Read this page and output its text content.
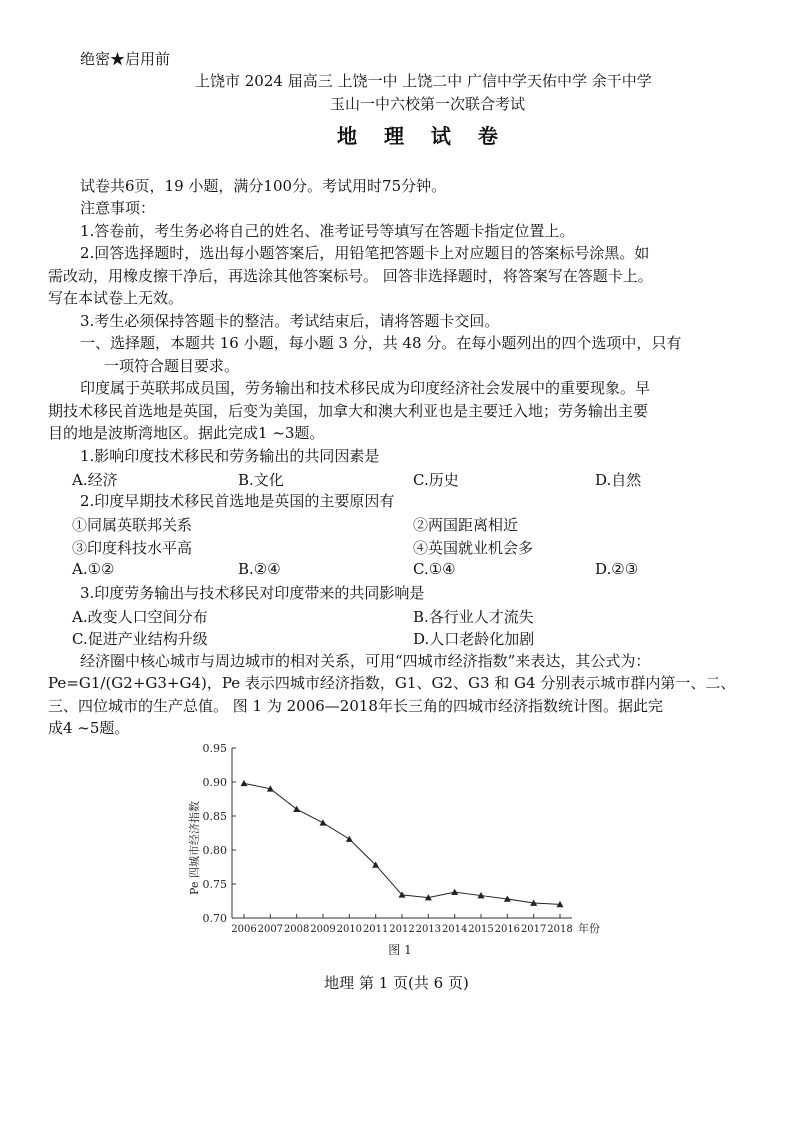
绝密★启用前
上饶市 2024 届高三 上饶一中 上饶二中 广信中学天佑中学 余干中学
玉山一中六校第一次联合考试
地 理 试 卷
试卷共6页，19 小题，满分100分。考试用时75分钟。
注意事项：
1.答卷前，考生务必将自己的姓名、准考证号等填写在答题卡指定位置上。
2.回答选择题时，选出每小题答案后，用铅笔把答题卡上对应题目的答案标号涂黑。如
需改动，用橡皮擦干净后，再选涂其他答案标号。 回答非选择题时，将答案写在答题卡上。
写在本试卷上无效。
3.考生必须保持答题卡的整洁。考试结束后，请将答题卡交回。
一、选择题，本题共 16 小题，每小题 3 分，共 48 分。在每小题列出的四个选项中，只有
一项符合题目要求。
印度属于英联邦成员国，劳务输出和技术移民成为印度经济社会发展中的重要现象。早
期技术移民首选地是英国，后变为美国，加拿大和澳大利亚也是主要迁入地；劳务输出主要
目的地是波斯湾地区。据此完成1 ~3题。
1.影响印度技术移民和劳务输出的共同因素是
A.经济	B.文化	C.历史	D.自然
2.印度早期技术移民首选地是英国的主要原因有
①同属英联邦关系	②两国距离相近
③印度科技水平高	④英国就业机会多
A.①②	B.②④	C.①④	D.②③
3.印度劳务输出与技术移民对印度带来的共同影响是
A.改变人口空间分布	B.各行业人才流失
C.促进产业结构升级	D.人口老龄化加剧
经济圈中核心城市与周边城市的相对关系，可用“四城市经济指数”来表达，其公式为：
Pe=G1/(G2+G3+G4)，Pe 表示四城市经济指数，G1、G2、G3 和 G4 分别表示城市群内第一、二、
三、四位城市的生产总值。 图 1 为 2006—2018年长三角的四城市经济指数统计图。据此完
成4 ~5题。
Pe 四城市经济指数
年份
图 1
0.95
0.90
0.85
0.80
0.75
0.70
2006 2007 2008 2009 2010 2011 2012 2013 2014 2015 2016 2017 2018
地理 第 1 页(共 6 页)
